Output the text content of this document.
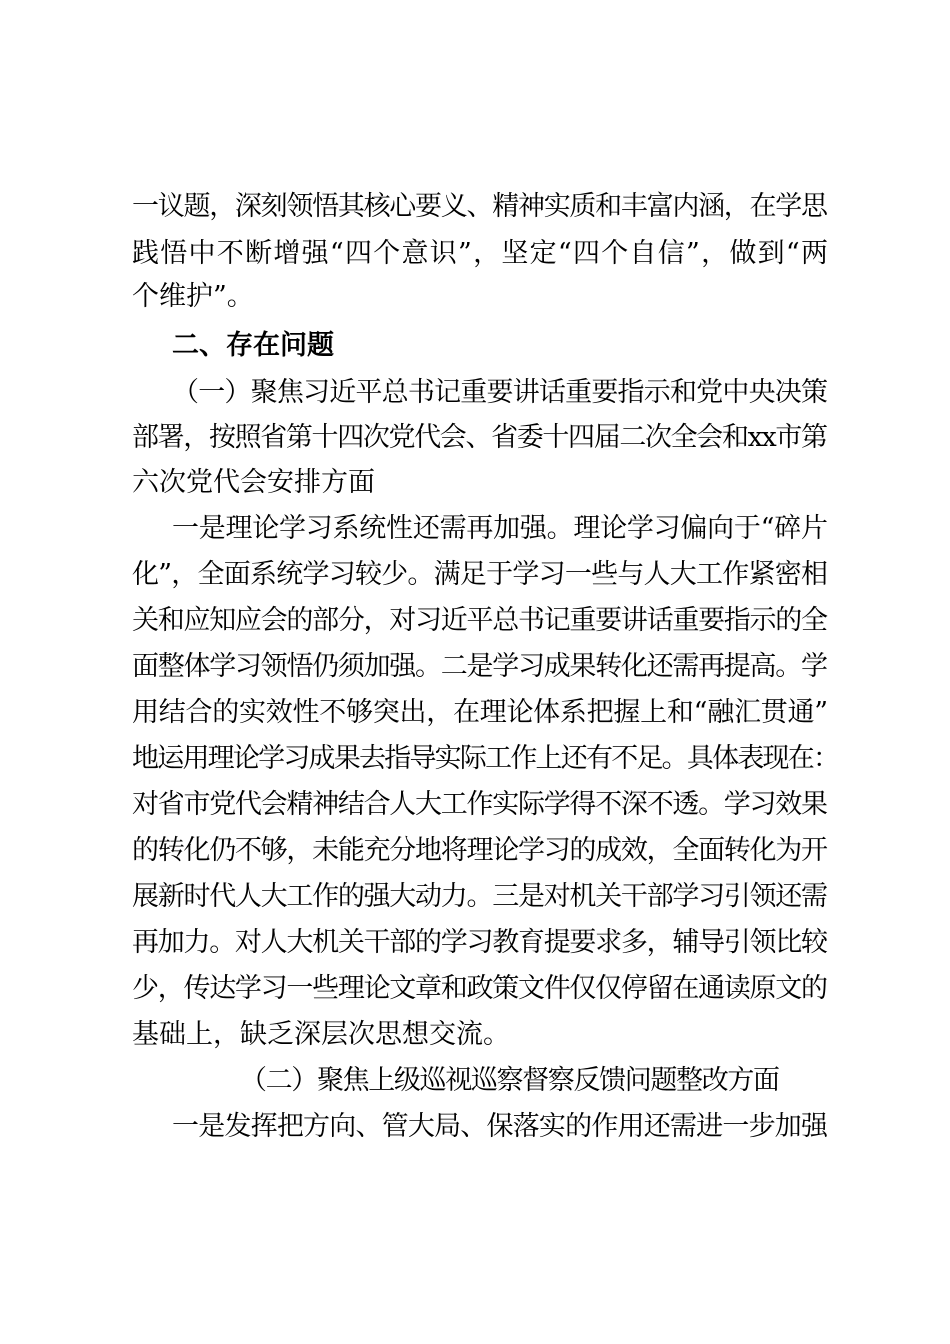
一议题，深刻领悟其核心要义、精神实质和丰富内涵，在学思
践悟中不断增强“四个意识”，坚定“四个自信”，做到“两
个维护”。
二、存在问题
（一）聚焦习近平总书记重要讲话重要指示和党中央决策
部署，按照省第十四次党代会、省委十四届二次全会和xx市第
六次党代会安排方面
一是理论学习系统性还需再加强。理论学习偏向于“碎片
化”，全面系统学习较少。满足于学习一些与人大工作紧密相
关和应知应会的部分，对习近平总书记重要讲话重要指示的全
面整体学习领悟仍须加强。二是学习成果转化还需再提高。学
用结合的实效性不够突出，在理论体系把握上和“融汇贯通”
地运用理论学习成果去指导实际工作上还有不足。具体表现在：
对省市党代会精神结合人大工作实际学得不深不透。学习效果
的转化仍不够，未能充分地将理论学习的成效，全面转化为开
展新时代人大工作的强大动力。三是对机关干部学习引领还需
再加力。对人大机关干部的学习教育提要求多，辅导引领比较
少，传达学习一些理论文章和政策文件仅仅停留在通读原文的
基础上，缺乏深层次思想交流。
（二）聚焦上级巡视巡察督察反馈问题整改方面
一是发挥把方向、管大局、保落实的作用还需进一步加强
